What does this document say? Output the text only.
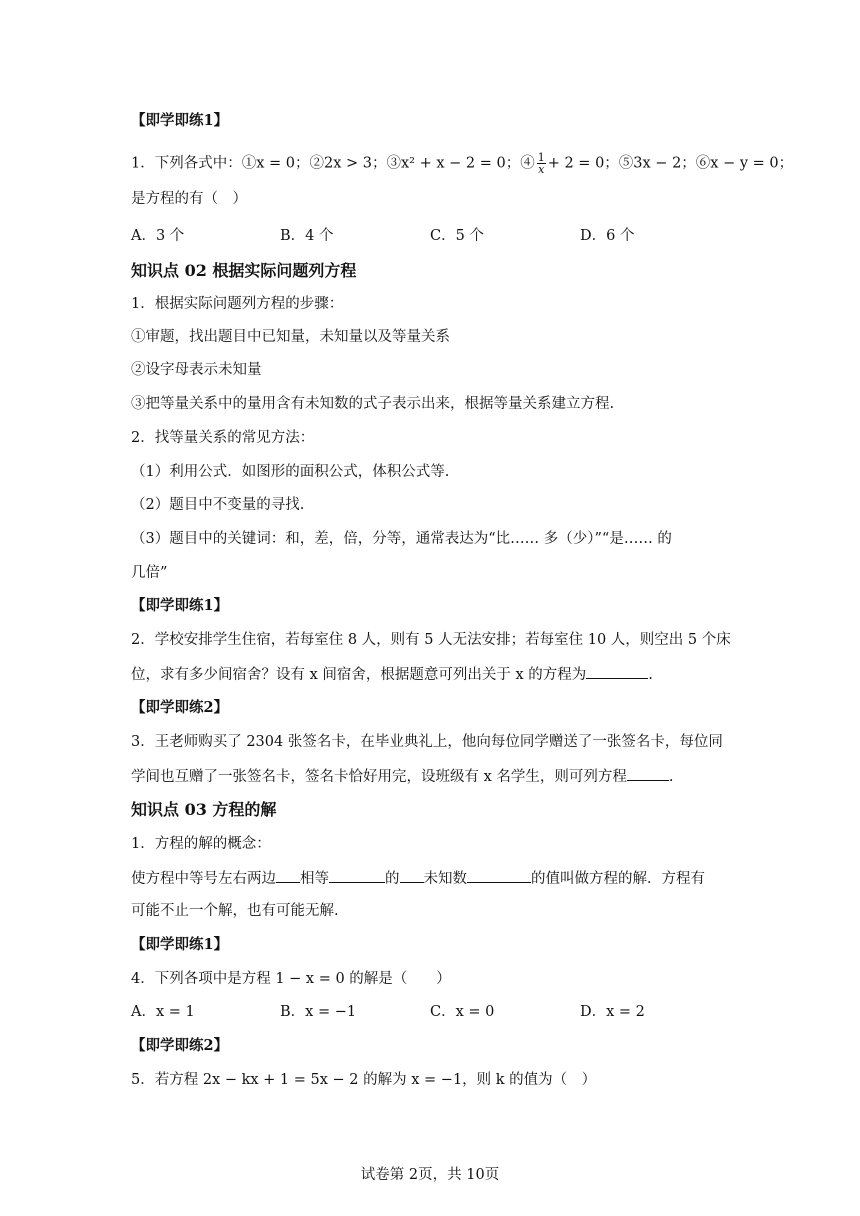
【即学即练1】
1．下列各式中：①x = 0；②2x > 3；③x² + x − 2 = 0；④ $\frac{1}{x} + 2 = 0$；⑤3x − 2；⑥x − y = 0；
是方程的有（　）
A．3 个	B．4 个	C．5 个	D．6 个
知识点 02 根据实际问题列方程
1．根据实际问题列方程的步骤：
①审题，找出题目中已知量，未知量以及等量关系
②设字母表示未知量
③把等量关系中的量用含有未知数的式子表示出来，根据等量关系建立方程.
2．找等量关系的常见方法：
（1）利用公式．如图形的面积公式，体积公式等.
（2）题目中不变量的寻找.
（3）题目中的关键词：和，差，倍，分等，通常表达为“比…… 多（少）”“是…… 的
几倍”
【即学即练1】
2．学校安排学生住宿，若每室住 8 人，则有 5 人无法安排；若每室住 10 人，则空出 5 个床
位，求有多少间宿舍？设有 x 间宿舍，根据题意可列出关于 x 的方程为	.
【即学即练2】
3．王老师购买了 2304 张签名卡，在毕业典礼上，他向每位同学赠送了一张签名卡，每位同
学间也互赠了一张签名卡，签名卡恰好用完，设班级有 x 名学生，则可列方程	.
知识点 03 方程的解
1．方程的解的概念：
使方程中等号左右两边 相等	的 未知数	的值叫做方程的解．方程有
可能不止一个解，也有可能无解.
【即学即练1】
4．下列各项中是方程 1 − x = 0 的解是（　　）
A．x = 1	B．x = −1	C．x = 0	D．x = 2
【即学即练2】
5．若方程 2x − kx + 1 = 5x − 2 的解为 x = −1，则 k 的值为（　）
试卷第 2页，共 10页
